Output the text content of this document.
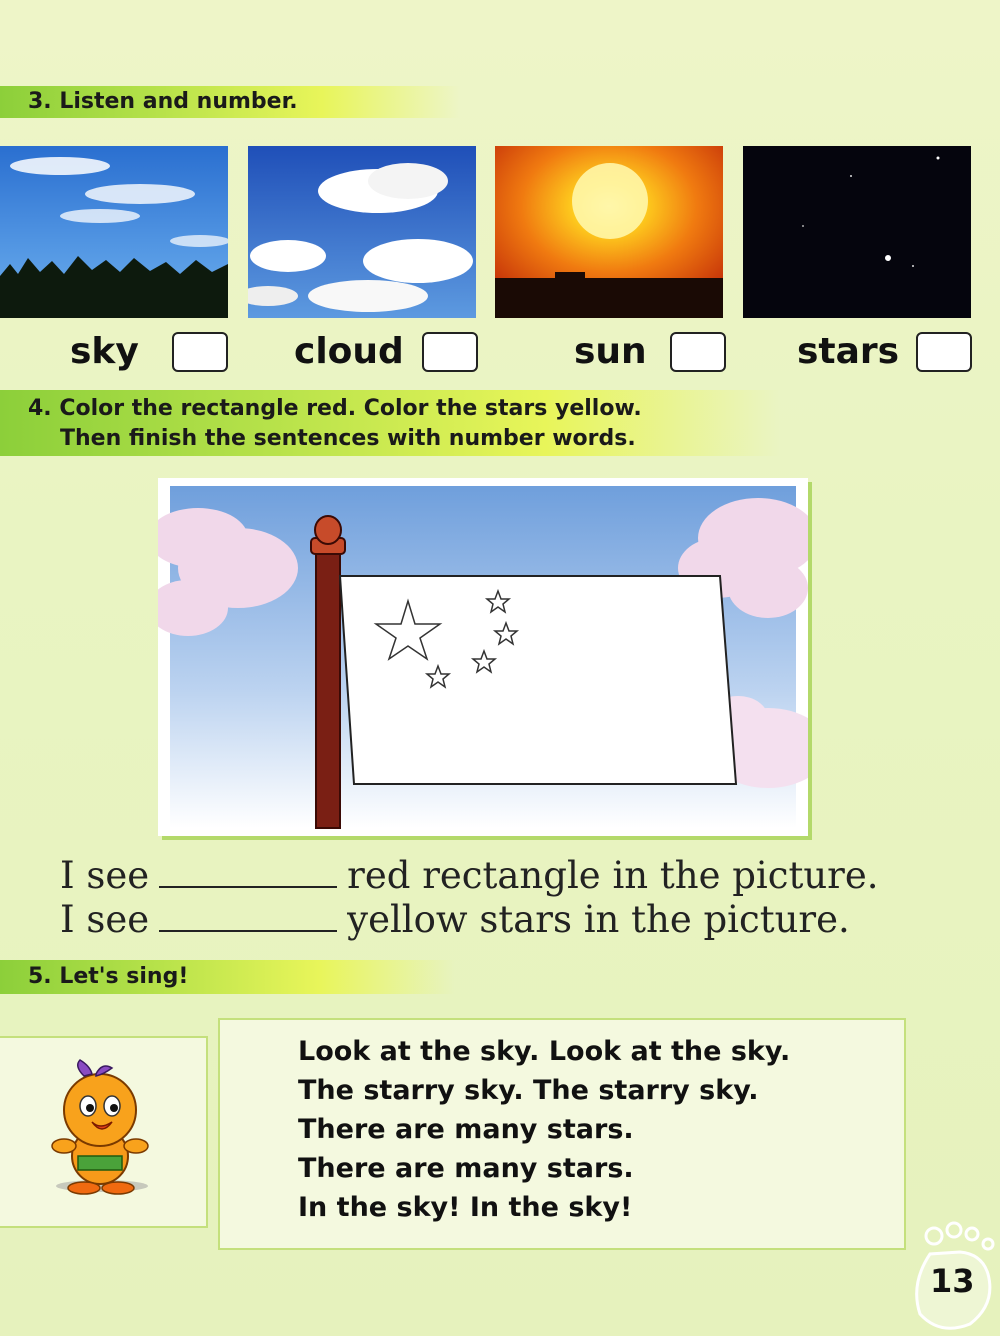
3. Listen and number.
sky	cloud	sun	stars
4. Color the rectangle red. Color the stars yellow.
Then finish the sentences with number words.
I see	red rectangle in the picture.
I see	yellow stars in the picture.
5. Let's sing!
Look at the sky. Look at the sky.
The starry sky. The starry sky.
There are many stars.
There are many stars.
In the sky! In the sky!
13
